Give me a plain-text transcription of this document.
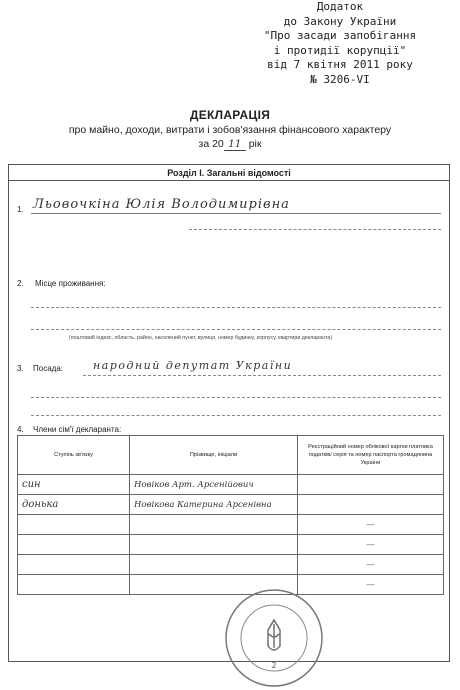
Додаток
до Закону України
"Про засади запобігання
і протидії корупції"
від 7 квітня 2011 року
№ 3206-VI
ДЕКЛАРАЦІЯ
про майно, доходи, витрати і зобов'язання фінансового характеру
за 20 11 рік
Розділ І. Загальні відомості
1. Льовочкіна Юлія Володимирівна
2. Місце проживання:
(поштовий індекс, область, район, населений пункт, вулиця, номер будинку, корпусу, квартири декларанта)
3. Посада:	народний депутат України
4. Члени сім'ї декларанта:
Ступінь зв'язку	Прізвище, ініціали	Реєстраційний номер облікової картки платника податків/ серія та номер паспорта громадянина України
син	Новіков Арт. Арсенійович	
донька	Новікова Катерина Арсенівна	
		—
		—
		—
		—
2
